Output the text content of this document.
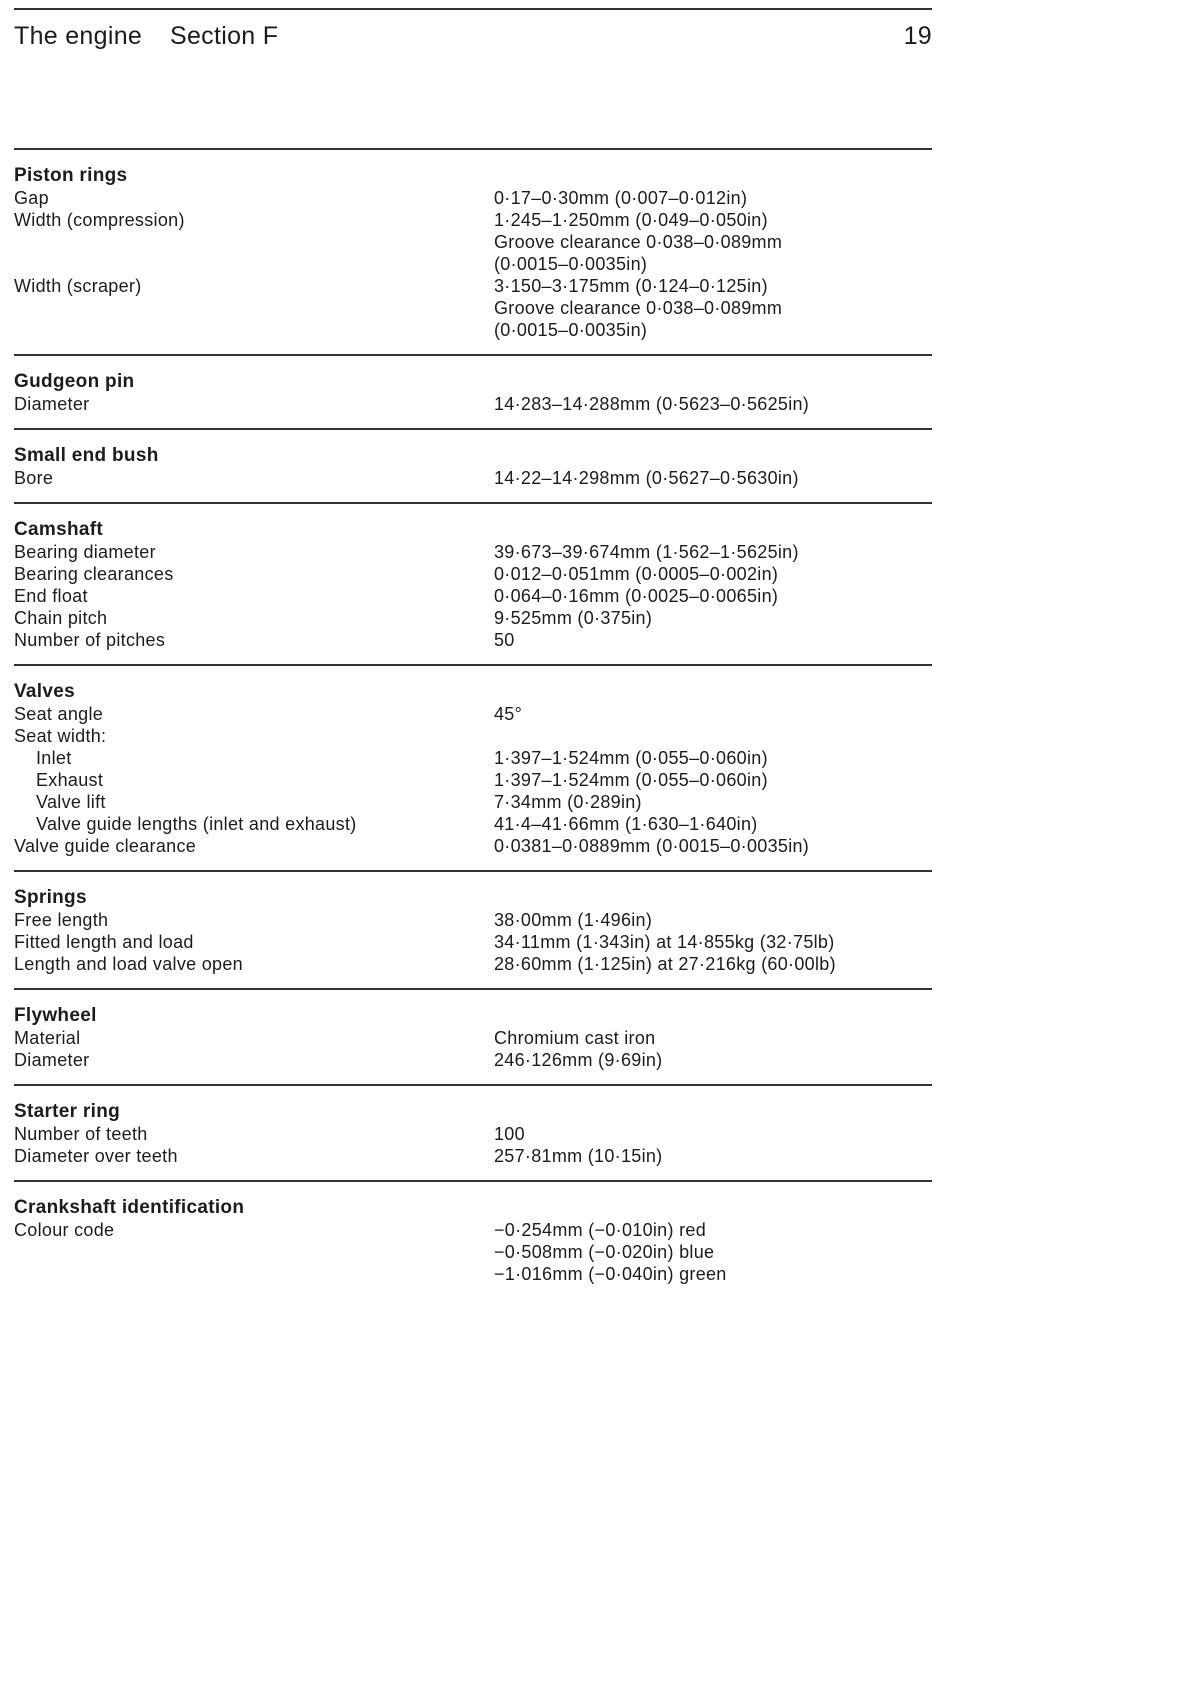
The engine Section F	19
Piston rings
Gap	0·17–0·30mm (0·007–0·012in)
Width (compression)	1·245–1·250mm (0·049–0·050in)
Groove clearance 0·038–0·089mm
(0·0015–0·0035in)
Width (scraper)	3·150–3·175mm (0·124–0·125in)
Groove clearance 0·038–0·089mm
(0·0015–0·0035in)
Gudgeon pin
Diameter	14·283–14·288mm (0·5623–0·5625in)
Small end bush
Bore	14·22–14·298mm (0·5627–0·5630in)
Camshaft
Bearing diameter	39·673–39·674mm (1·562–1·5625in)
Bearing clearances	0·012–0·051mm (0·0005–0·002in)
End float	0·064–0·16mm (0·0025–0·0065in)
Chain pitch	9·525mm (0·375in)
Number of pitches	50
Valves
Seat angle	45°
Seat width:
Inlet	1·397–1·524mm (0·055–0·060in)
Exhaust	1·397–1·524mm (0·055–0·060in)
Valve lift	7·34mm (0·289in)
Valve guide lengths (inlet and exhaust)	41·4–41·66mm (1·630–1·640in)
Valve guide clearance	0·0381–0·0889mm (0·0015–0·0035in)
Springs
Free length	38·00mm (1·496in)
Fitted length and load	34·11mm (1·343in) at 14·855kg (32·75lb)
Length and load valve open	28·60mm (1·125in) at 27·216kg (60·00lb)
Flywheel
Material	Chromium cast iron
Diameter	246·126mm (9·69in)
Starter ring
Number of teeth	100
Diameter over teeth	257·81mm (10·15in)
Crankshaft identification
Colour code	−0·254mm (−0·010in) red
−0·508mm (−0·020in) blue
−1·016mm (−0·040in) green
